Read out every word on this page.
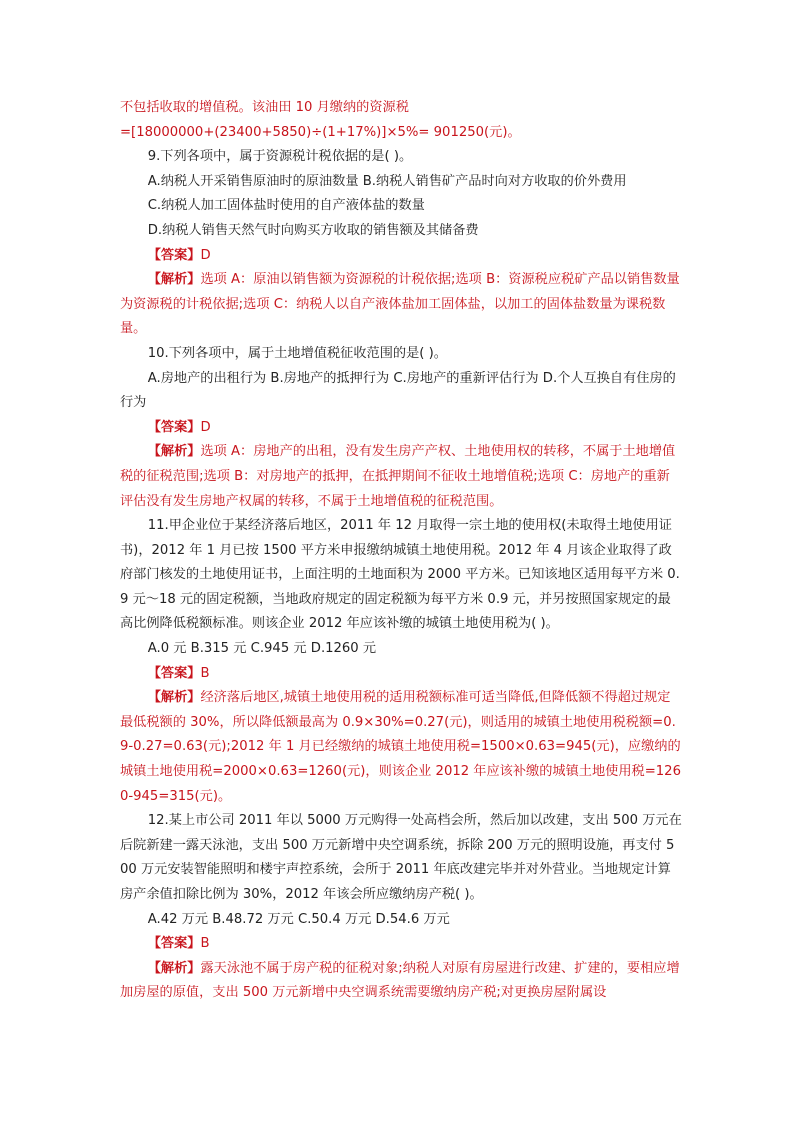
不包括收取的增值税。该油田 10 月缴纳的资源税

=[18000000+(23400+5850)÷(1+17%)]×5%= 901250(元)。

9.下列各项中，属于资源税计税依据的是( )。

A.纳税人开采销售原油时的原油数量 B.纳税人销售矿产品时向对方收取的价外费用

C.纳税人加工固体盐时使用的自产液体盐的数量

D.纳税人销售天然气时向购买方收取的销售额及其储备费

【答案】D

【解析】选项 A：原油以销售额为资源税的计税依据;选项 B：资源税应税矿产品以销售数量为资源税的计税依据;选项 C：纳税人以自产液体盐加工固体盐，以加工的固体盐数量为课税数量。

10.下列各项中，属于土地增值税征收范围的是( )。

A.房地产的出租行为 B.房地产的抵押行为 C.房地产的重新评估行为 D.个人互换自有住房的行为

【答案】D

【解析】选项 A：房地产的出租，没有发生房产产权、土地使用权的转移，不属于土地增值税的征税范围;选项 B：对房地产的抵押，在抵押期间不征收土地增值税;选项 C：房地产的重新评估没有发生房地产权属的转移，不属于土地增值税的征税范围。

11.甲企业位于某经济落后地区，2011 年 12 月取得一宗土地的使用权(未取得土地使用证书)，2012 年 1 月已按 1500 平方米申报缴纳城镇土地使用税。2012 年 4 月该企业取得了政府部门核发的土地使用证书，上面注明的土地面积为 2000 平方米。已知该地区适用每平方米 0.9 元～18 元的固定税额，当地政府规定的固定税额为每平方米 0.9 元，并另按照国家规定的最高比例降低税额标准。则该企业 2012 年应该补缴的城镇土地使用税为( )。

A.0 元 B.315 元 C.945 元 D.1260 元

【答案】B

【解析】经济落后地区,城镇土地使用税的适用税额标准可适当降低,但降低额不得超过规定最低税额的 30%，所以降低额最高为 0.9×30%=0.27(元)，则适用的城镇土地使用税税额=0.9-0.27=0.63(元);2012 年 1 月已经缴纳的城镇土地使用税=1500×0.63=945(元)，应缴纳的城镇土地使用税=2000×0.63=1260(元)，则该企业 2012 年应该补缴的城镇土地使用税=1260-945=315(元)。

12.某上市公司 2011 年以 5000 万元购得一处高档会所，然后加以改建，支出 500 万元在后院新建一露天泳池，支出 500 万元新增中央空调系统，拆除 200 万元的照明设施，再支付 500 万元安装智能照明和楼宇声控系统，会所于 2011 年底改建完毕并对外营业。当地规定计算房产余值扣除比例为 30%，2012 年该会所应缴纳房产税( )。

A.42 万元 B.48.72 万元 C.50.4 万元 D.54.6 万元

【答案】B

【解析】露天泳池不属于房产税的征税对象;纳税人对原有房屋进行改建、扩建的，要相应增加房屋的原值，支出 500 万元新增中央空调系统需要缴纳房产税;对更换房屋附属设
